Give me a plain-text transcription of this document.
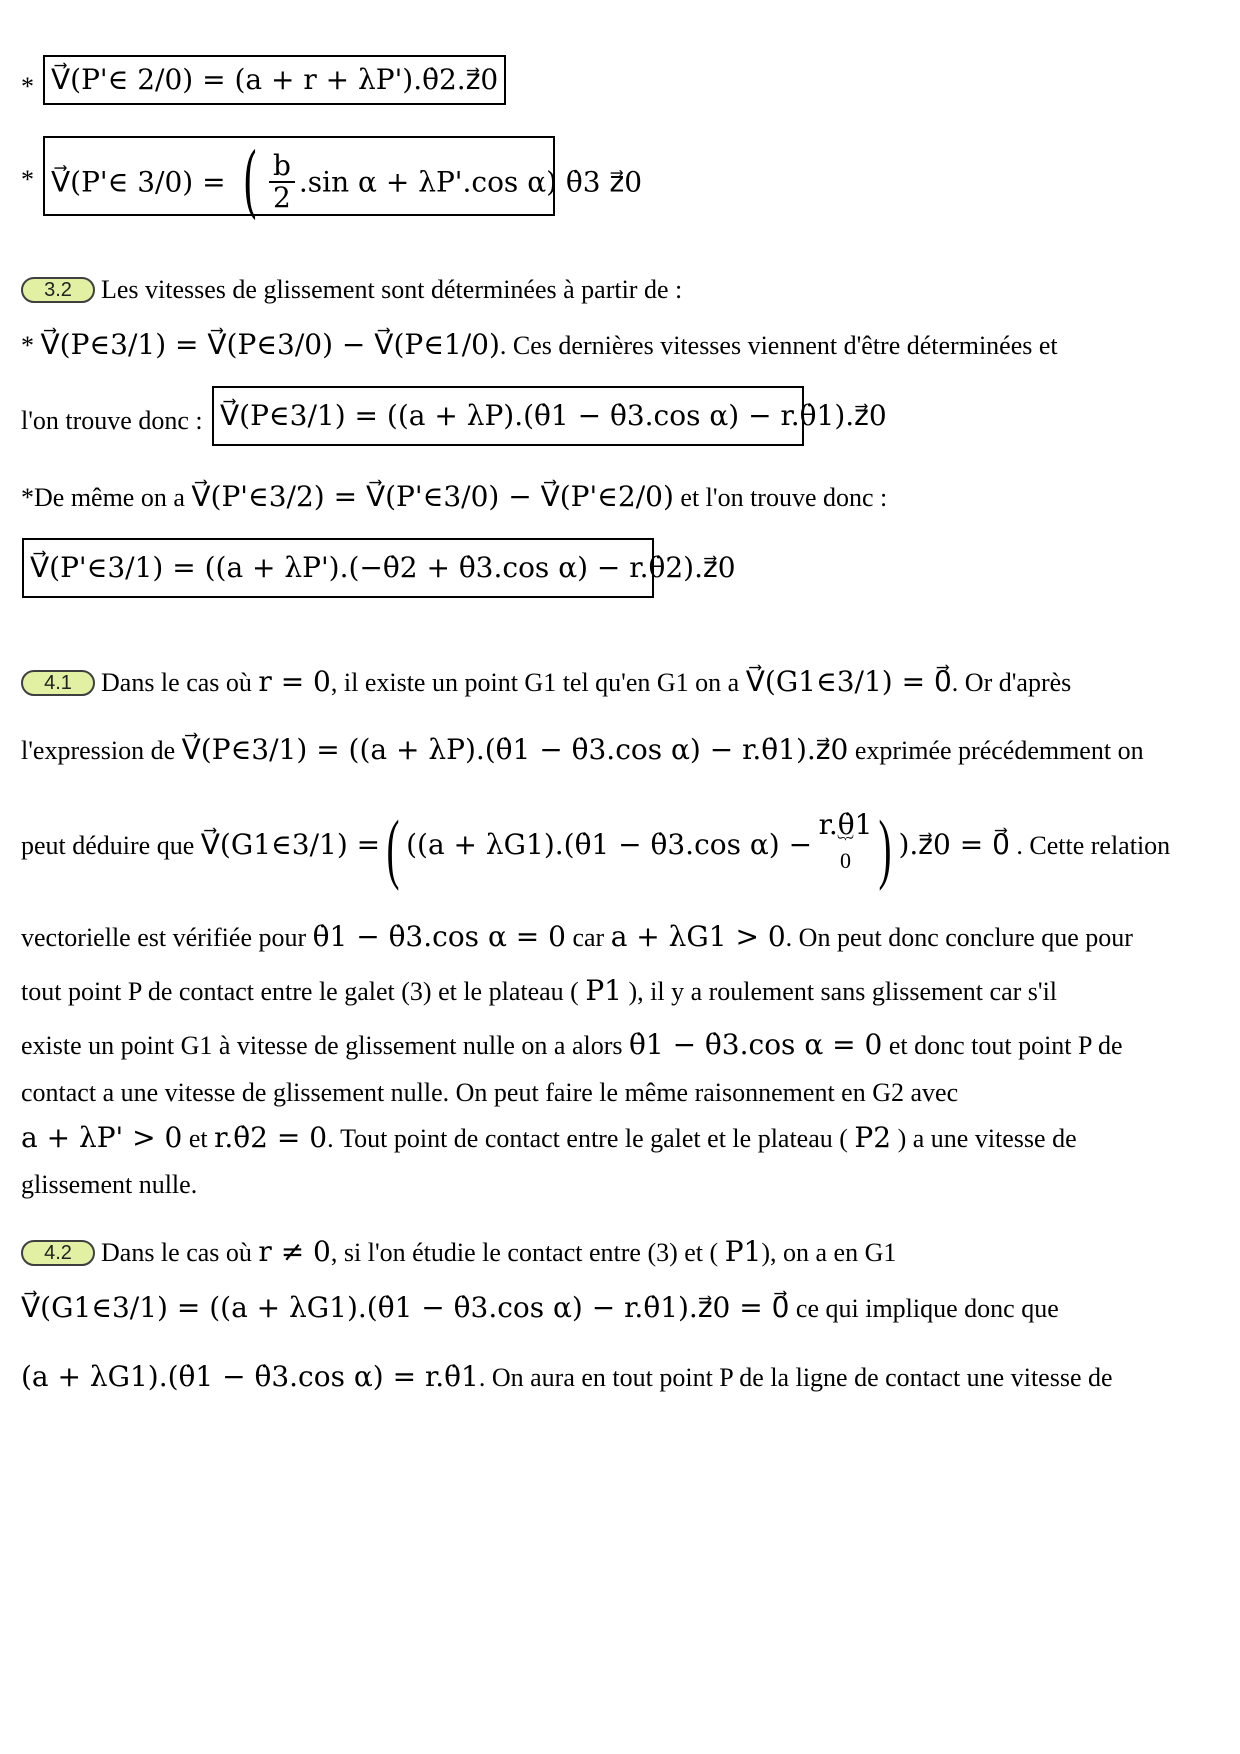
* V⃗(P'∈ 2/0) = (a + r + λP').θ̇2.z⃗0
* V⃗(P'∈ 3/0) = ( $\frac{b}{2} .\sin$ α + λP'.cos α) θ̇3 z⃗0
3.2 Les vitesses de glissement sont déterminées à partir de :
* V⃗(P∈3/1) = V⃗(P∈3/0) − V⃗(P∈1/0). Ces dernières vitesses viennent d'être déterminées et
l'on trouve donc : V⃗(P∈3/1) = ((a + λP).(θ̇1 − θ̇3.cos α) − r.θ̇1).z⃗0
*De même on a V⃗(P'∈3/2) = V⃗(P'∈3/0) − V⃗(P'∈2/0) et l'on trouve donc :
V⃗(P'∈3/1) = ((a + λP').(−θ̇2 + θ̇3.cos α) − r.θ̇2).z⃗0
4.1 Dans le cas où r = 0, il existe un point G1 tel qu'en G1 on a V⃗(G1∈3/1) = 0⃗. Or d'après
l'expression de V⃗(P∈3/1) = ((a + λP).(θ̇1 − θ̇3.cos α) − r.θ̇1).z⃗0 exprimée précédemment on
peut déduire que V⃗(G1∈3/1) =( ((a + λG1).(θ̇1 − θ̇3.cos α) −
r.θ̇1
︸
0 ) ).z⃗0 = 0⃗ . Cette relation
vectorielle est vérifiée pour θ̇1 − θ̇3.cos α = 0 car a + λG1 > 0. On peut donc conclure que pour
tout point P de contact entre le galet (3) et le plateau ( P1 ), il y a roulement sans glissement car s'il
existe un point G1 à vitesse de glissement nulle on a alors θ̇1 − θ̇3.cos α = 0 et donc tout point P de
contact a une vitesse de glissement nulle. On peut faire le même raisonnement en G2 avec
a + λP' > 0 et r.θ̇2 = 0. Tout point de contact entre le galet et le plateau ( P2 ) a une vitesse de
glissement nulle.
4.2 Dans le cas où r ≠ 0, si l'on étudie le contact entre (3) et ( P1), on a en G1
V⃗(G1∈3/1) = ((a + λG1).(θ̇1 − θ̇3.cos α) − r.θ̇1).z⃗0 = 0⃗ ce qui implique donc que
(a + λG1).(θ̇1 − θ̇3.cos α) = r.θ̇1. On aura en tout point P de la ligne de contact une vitesse de
